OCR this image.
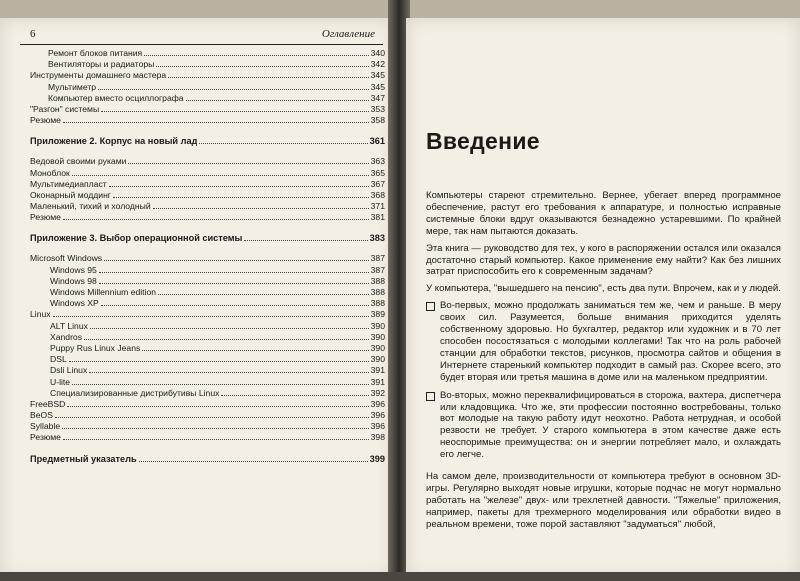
6	Оглавление
Ремонт блоков питания	340
Вентиляторы и радиаторы	342
Инструменты домашнего мастера	345
Мультиметр	345
Компьютер вместо осциллографа	347
"Разгон" системы	353
Резюме	358
Приложение 2. Корпус на новый лад	361
Ведовой своими руками	363
Моноблок	365
Мультимедиапласт	367
Оконарный моддинг	368
Маленький, тихий и холодный	371
Резюме	381
Приложение 3. Выбор операционной системы	383
Microsoft Windows	387
Windows 95	387
Windows 98	388
Windows Millennium edition	388
Windows XP	388
Linux	389
ALT Linux	390
Xandros	390
Puppy Rus Linux Jeans	390
DSL	390
Dsli Linux	391
U-lite	391
Специализированные дистрибутивы Linux	392
FreeBSD	396
BeOS	396
Syllable	396
Резюме	398
Предметный указатель	399
Введение

Компьютеры стареют стремительно. Вернее, убегает вперед программное обеспечение, растут его требования к аппаратуре, и полностью исправные системные блоки вдруг оказываются безнадежно устаревшими. По крайней мере, так нам пытаются доказать.

Эта книга — руководство для тех, у кого в распоряжении остался или оказался достаточно старый компьютер. Какое применение ему найти? Как без лишних затрат приспособить его к современным задачам?

У компьютера, "вышедшего на пенсию", есть два пути. Впрочем, как и у людей.

Во-первых, можно продолжать заниматься тем же, чем и раньше. В меру своих сил. Разумеется, больше внимания приходится уделять собственному здоровью. Но бухгалтер, редактор или художник и в 70 лет способен посостязаться с молодыми коллегами! Так что на роль рабочей станции для обработки текстов, рисунков, просмотра сайтов и общения в Интернете старенький компьютер подходит в самый раз. Скорее всего, это будет вторая или третья машина в доме или на маленьком предприятии.
Во-вторых, можно переквалифицироваться в сторожа, вахтера, диспетчера или кладовщика. Что же, эти профессии постоянно востребованы, только вот молодые на такую работу идут неохотно. Работа нетрудная, и особой резвости не требует. У старого компьютера в этом качестве даже есть неоспоримые преимущества: он и энергии потребляет мало, и охлаждать его легче.

На самом деле, производительности от компьютера требуют в основном 3D-игры. Регулярно выходят новые игрушки, которые подчас не могут нормально работать на "железе" двух- или трехлетней давности. "Тяжелые" приложения, например, пакеты для трехмерного моделирования или обработки видео в реальном времени, тоже порой заставляют "задуматься" любой,
